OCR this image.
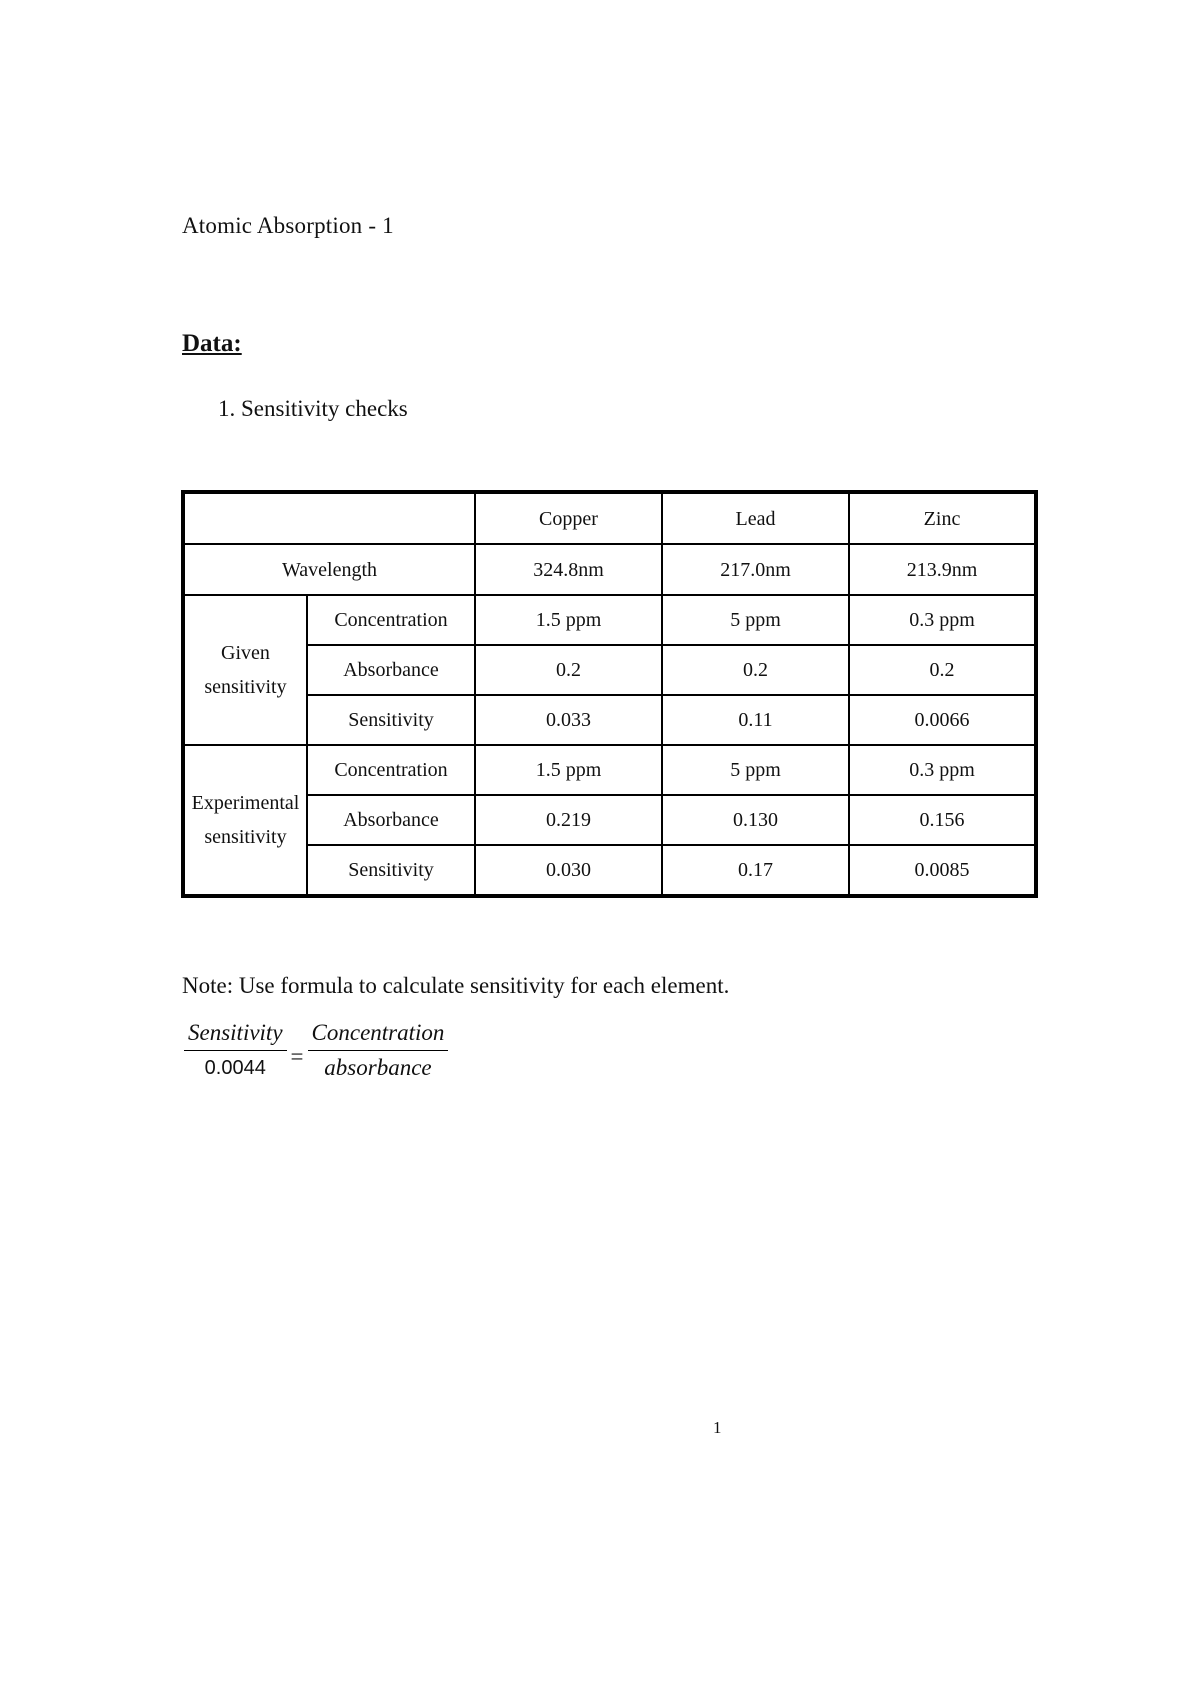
Atomic Absorption - 1
Data:
1. Sensitivity checks
		Copper	Lead	Zinc
Wavelength		324.8nm	217.0nm	213.9nm
Given
sensitivity	Concentration	1.5 ppm	5 ppm	0.3 ppm
	Absorbance	0.2	0.2	0.2
	Sensitivity	0.033	0.11	0.0066
Experimental
sensitivity	Concentration	1.5 ppm	5 ppm	0.3 ppm
	Absorbance	0.219	0.130	0.156
	Sensitivity	0.030	0.17	0.0085
Note: Use formula to calculate sensitivity for each element.
$\frac{\text{Sensitivity}}{0.0044} = \frac{\text{Concentration}}{\text{absorbance}}$
1
